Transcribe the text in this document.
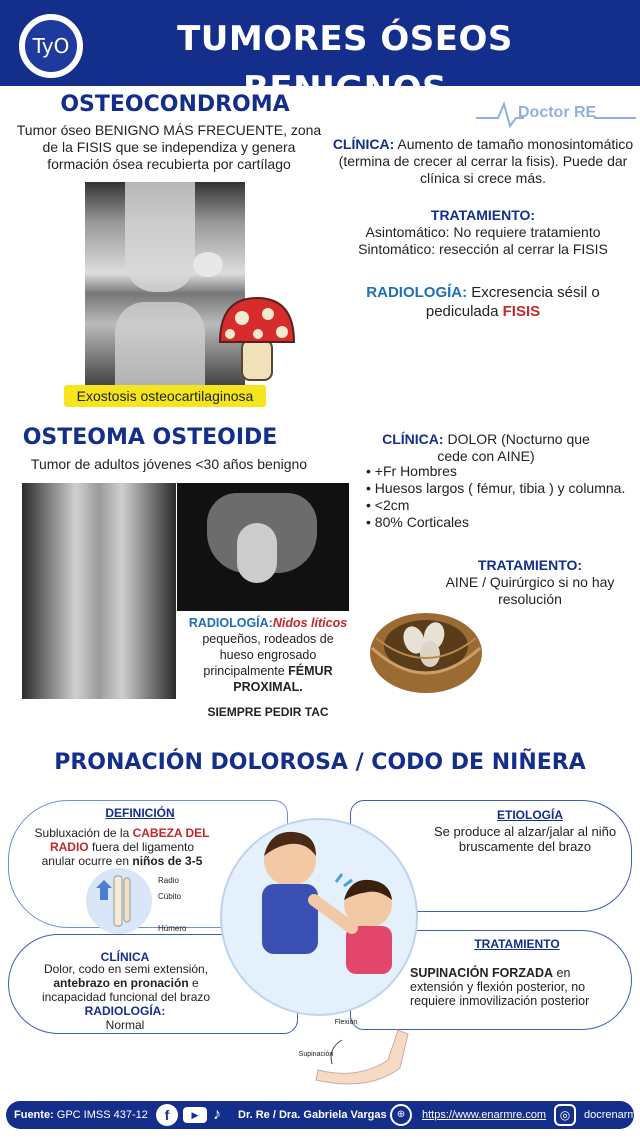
TyO	TUMORES ÓSEOS BENIGNOS
Doctor RE
OSTEOCONDROMA
Tumor óseo BENIGNO MÁS FRECUENTE, zona de la FISIS que se independiza y genera formación ósea recubierta por cartílago
Exostosis osteocartilaginosa
CLÍNICA: Aumento de tamaño monosintomático (termina de crecer al cerrar la fisis). Puede dar clínica si crece más.
TRATAMIENTO:
Asintomático: No requiere tratamiento
Sintomático: resección al cerrar la FISIS
RADIOLOGÍA: Excresencia sésil o pediculada FISIS
OSTEOMA OSTEOIDE
Tumor de adultos jóvenes <30 años benigno
RADIOLOGÍA:Nidos líticos pequeños, rodeados de hueso engrosado principalmente FÉMUR PROXIMAL.
SIEMPRE PEDIR TAC
CLÍNICA: DOLOR (Nocturno que cede con AINE)
• +Fr Hombres
• Huesos largos ( fémur, tibia ) y columna.
• <2cm
• 80% Corticales
TRATAMIENTO:
AINE / Quirúrgico si no hay resolución
PRONACIÓN DOLOROSA / CODO DE NIÑERA
DEFINICIÓN
Subluxación de la CABEZA DEL RADIO fuera del ligamento anular ocurre en niños de 3-5
Radio
Cúbito
Húmero
ETIOLOGÍA
Se produce al alzar/jalar al niño bruscamente del brazo
CLÍNICA
Dolor, codo en semi extensión, antebrazo en pronación e incapacidad funcional del brazo
RADIOLOGÍA:
Normal
TRATAMIENTO
SUPINACIÓN FORZADA en extensión y flexión posterior, no requiere inmovilización posterior
Flexión
Supinación
Fuente: GPC IMSS 437-12	f	▶ ♪ Dr. Re / Dra. Gabriela Vargas	⊕	https://www.enarmre.com	◎	docrenarm
